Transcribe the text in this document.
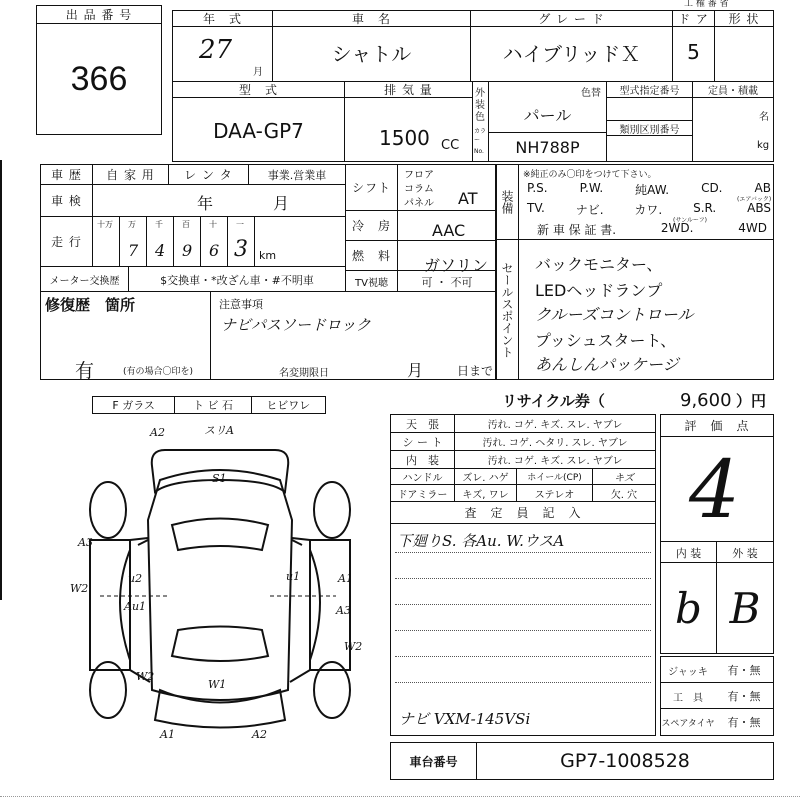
出 品 番 号
366
工 権 番 省
年　式
27
月
車　名
シャトル
グ レ ー ド
ハイブリッドＸ
ド ア
5
形 状
型　式
DAA-GP7
排 気 量
1500 CC
外
装
色
カラー
No.
色替
パール
NH788P
型式指定番号
類別区別番号
定員・積載
名
kg
車 歴	自 家 用	レ ン タ	事業.営業車
車 検	年	月
走 行
十万 万
7
千
4
百
9
十
6
一
3 km
メーター交換歴	$交換車・*改ざん車・#不明車
シフト
フロア
コラム
パネル AT
冷　房	AAC
燃　料	ガソリン
TV視聴	可 ・ 不可
装備
※純正のみ〇印をつけて下さい。
P.S.	P.W.	純AW.	CD.	AB
(エアバック)
TV.	ナビ.	カワ.	S.R.	ABS
(サンルーフ)
新 車 保 証 書.	2WD.	4WD
セールスポイント	バックモニター、
LEDヘッドランプ
クルーズコントロール
プッシュスタート、
あんしんパッケージ
修復歴　箇所
有	(有の場合〇印を)
注意事項
ナビパスソードロック
名変期限日	月	日まで
F ガラス	ト ビ 石	ヒビワレ
A2	スリA
S1
A3
W2
u2	u1	A1
Au1	A3
W2
W2
W1
A1	A2
リサイクル券（	9,600 ）円
天　張	汚れ. コゲ. キズ. スレ. ヤブレ
シ ー ト	汚れ. コゲ. ヘタリ. スレ. ヤブレ
内　装	汚れ. コゲ. キズ. スレ. ヤブレ
ハンドル	ズレ. ハゲ	ホイール(CP)	キズ
ドアミラー	キズ, ワレ	ステレオ	欠. 穴
査　定　員　記　入
下廻りS. 各Au. W.ウスA
ナビ VXM-145VSi
評　価　点
4
内 装	外 装
b B
ジャッキ	有・無
工　具	有・無
スペアタイヤ	有・無
車台番号	GP7-1008528
